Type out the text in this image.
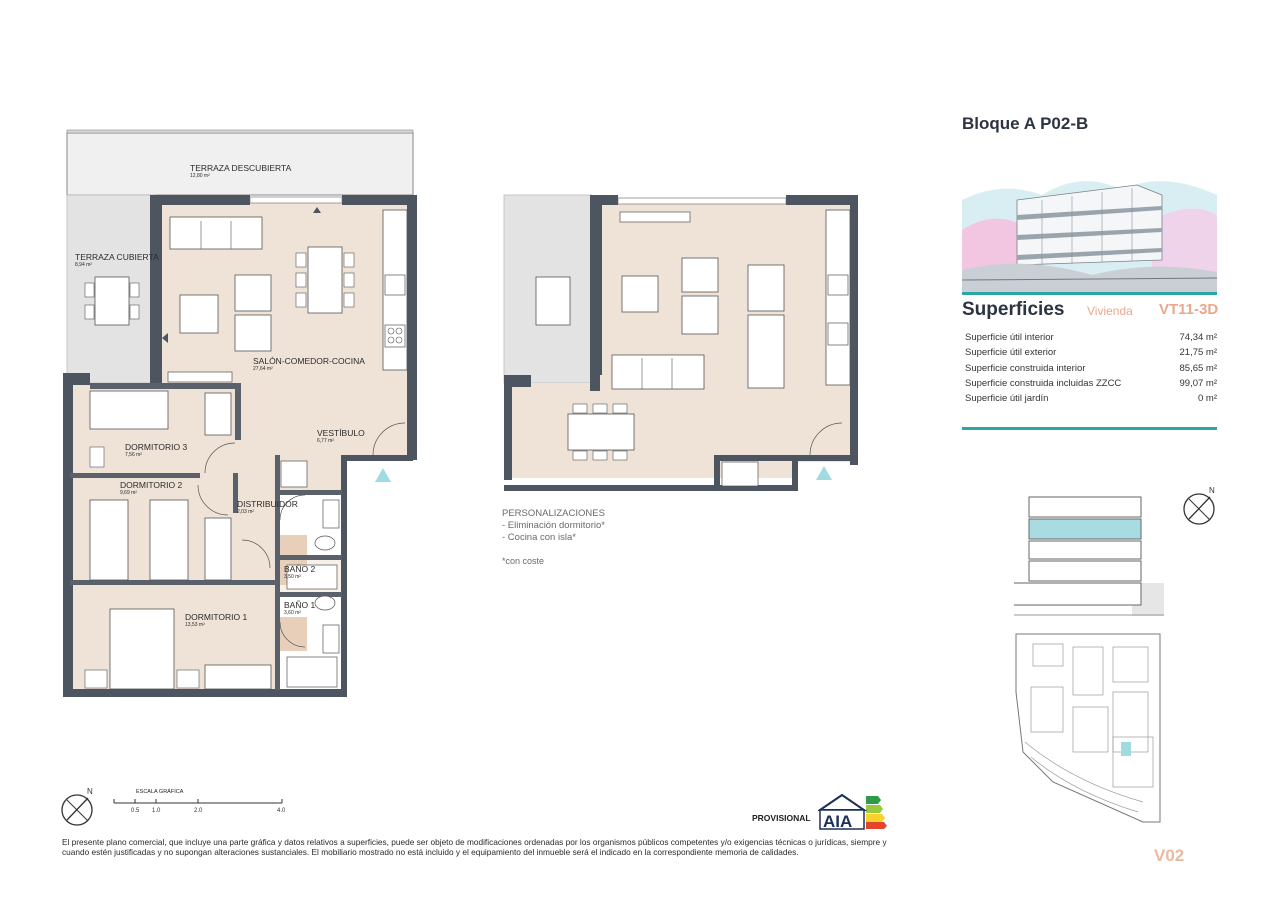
TERRAZA DESCUBIERTA
12,80 m²
TERRAZA CUBIERTA
8,94 m²
SALÓN-COMEDOR-COCINA
27,64 m²
VESTÍBULO
6,77 m²
DORMITORIO 3
7,56 m²
DORMITORIO 2
9,69 m²
DISTRIBUIDOR
2,03 m²
BAÑO 2
3,50 m²
BAÑO 1
3,60 m²
DORMITORIO 1
13,53 m²
PERSONALIZACIONES
- Eliminación dormitorio*
- Cocina con isla*
*con coste
Bloque A P02-B
Superficies Vivienda VT11-3D
Superficie útil interior	74,34 m²
Superficie útil exterior	21,75 m²
Superficie construida interior	85,65 m²
Superficie construida incluidas ZZCC	99,07 m²
Superficie útil jardín	0 m²
N
N	ESCALA GRÁFICA
0.5 1.0	2.0	4.0
PROVISIONAL AIA
El presente plano comercial, que incluye una parte gráfica y datos relativos a superficies, puede ser objeto de modificaciones ordenadas por los organismos públicos competentes y/o exigencias técnicas o jurídicas, siempre y cuando estén justificadas y no supongan alteraciones sustanciales. El mobiliario mostrado no está incluido y el equipamiento del inmueble será el indicado en la correspondiente memoria de calidades.	V02
